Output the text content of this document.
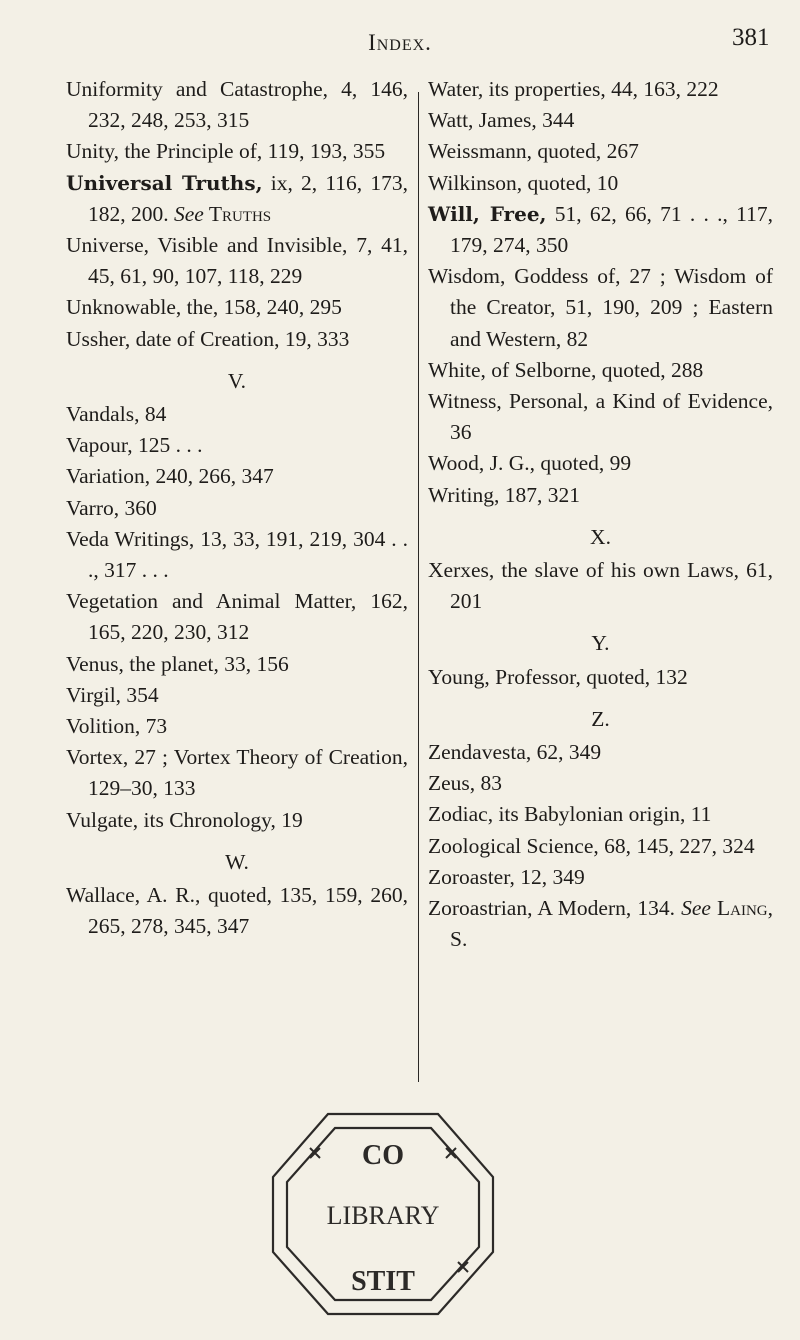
Index.	381
Uniformity and Catastrophe, 4, 146, 232, 248, 253, 315
Unity, the Principle of, 119, 193, 355
Universal Truths, ix, 2, 116, 173, 182, 200. See Truths
Universe, Visible and Invisible, 7, 41, 45, 61, 90, 107, 118, 229
Unknowable, the, 158, 240, 295
Ussher, date of Creation, 19, 333
V.
Vandals, 84
Vapour, 125 . . .
Variation, 240, 266, 347
Varro, 360
Veda Writings, 13, 33, 191, 219, 304 . . ., 317 . . .
Vegetation and Animal Matter, 162, 165, 220, 230, 312
Venus, the planet, 33, 156
Virgil, 354
Volition, 73
Vortex, 27 ; Vortex Theory of Creation, 129–30, 133
Vulgate, its Chronology, 19
W.
Wallace, A. R., quoted, 135, 159, 260, 265, 278, 345, 347
Water, its properties, 44, 163, 222
Watt, James, 344
Weissmann, quoted, 267
Wilkinson, quoted, 10
Will, Free, 51, 62, 66, 71 . . ., 117, 179, 274, 350
Wisdom, Goddess of, 27 ; Wisdom of the Creator, 51, 190, 209 ; Eastern and Western, 82
White, of Selborne, quoted, 288
Witness, Personal, a Kind of Evidence, 36
Wood, J. G., quoted, 99
Writing, 187, 321
X.
Xerxes, the slave of his own Laws, 61, 201
Y.
Young, Professor, quoted, 132
Z.
Zendavesta, 62, 349
Zeus, 83
Zodiac, its Babylonian origin, 11
Zoological Science, 68, 145, 227, 324
Zoroaster, 12, 349
Zoroastrian, A Modern, 134. See Laing, S.
CO
LIBRARY
STIT
